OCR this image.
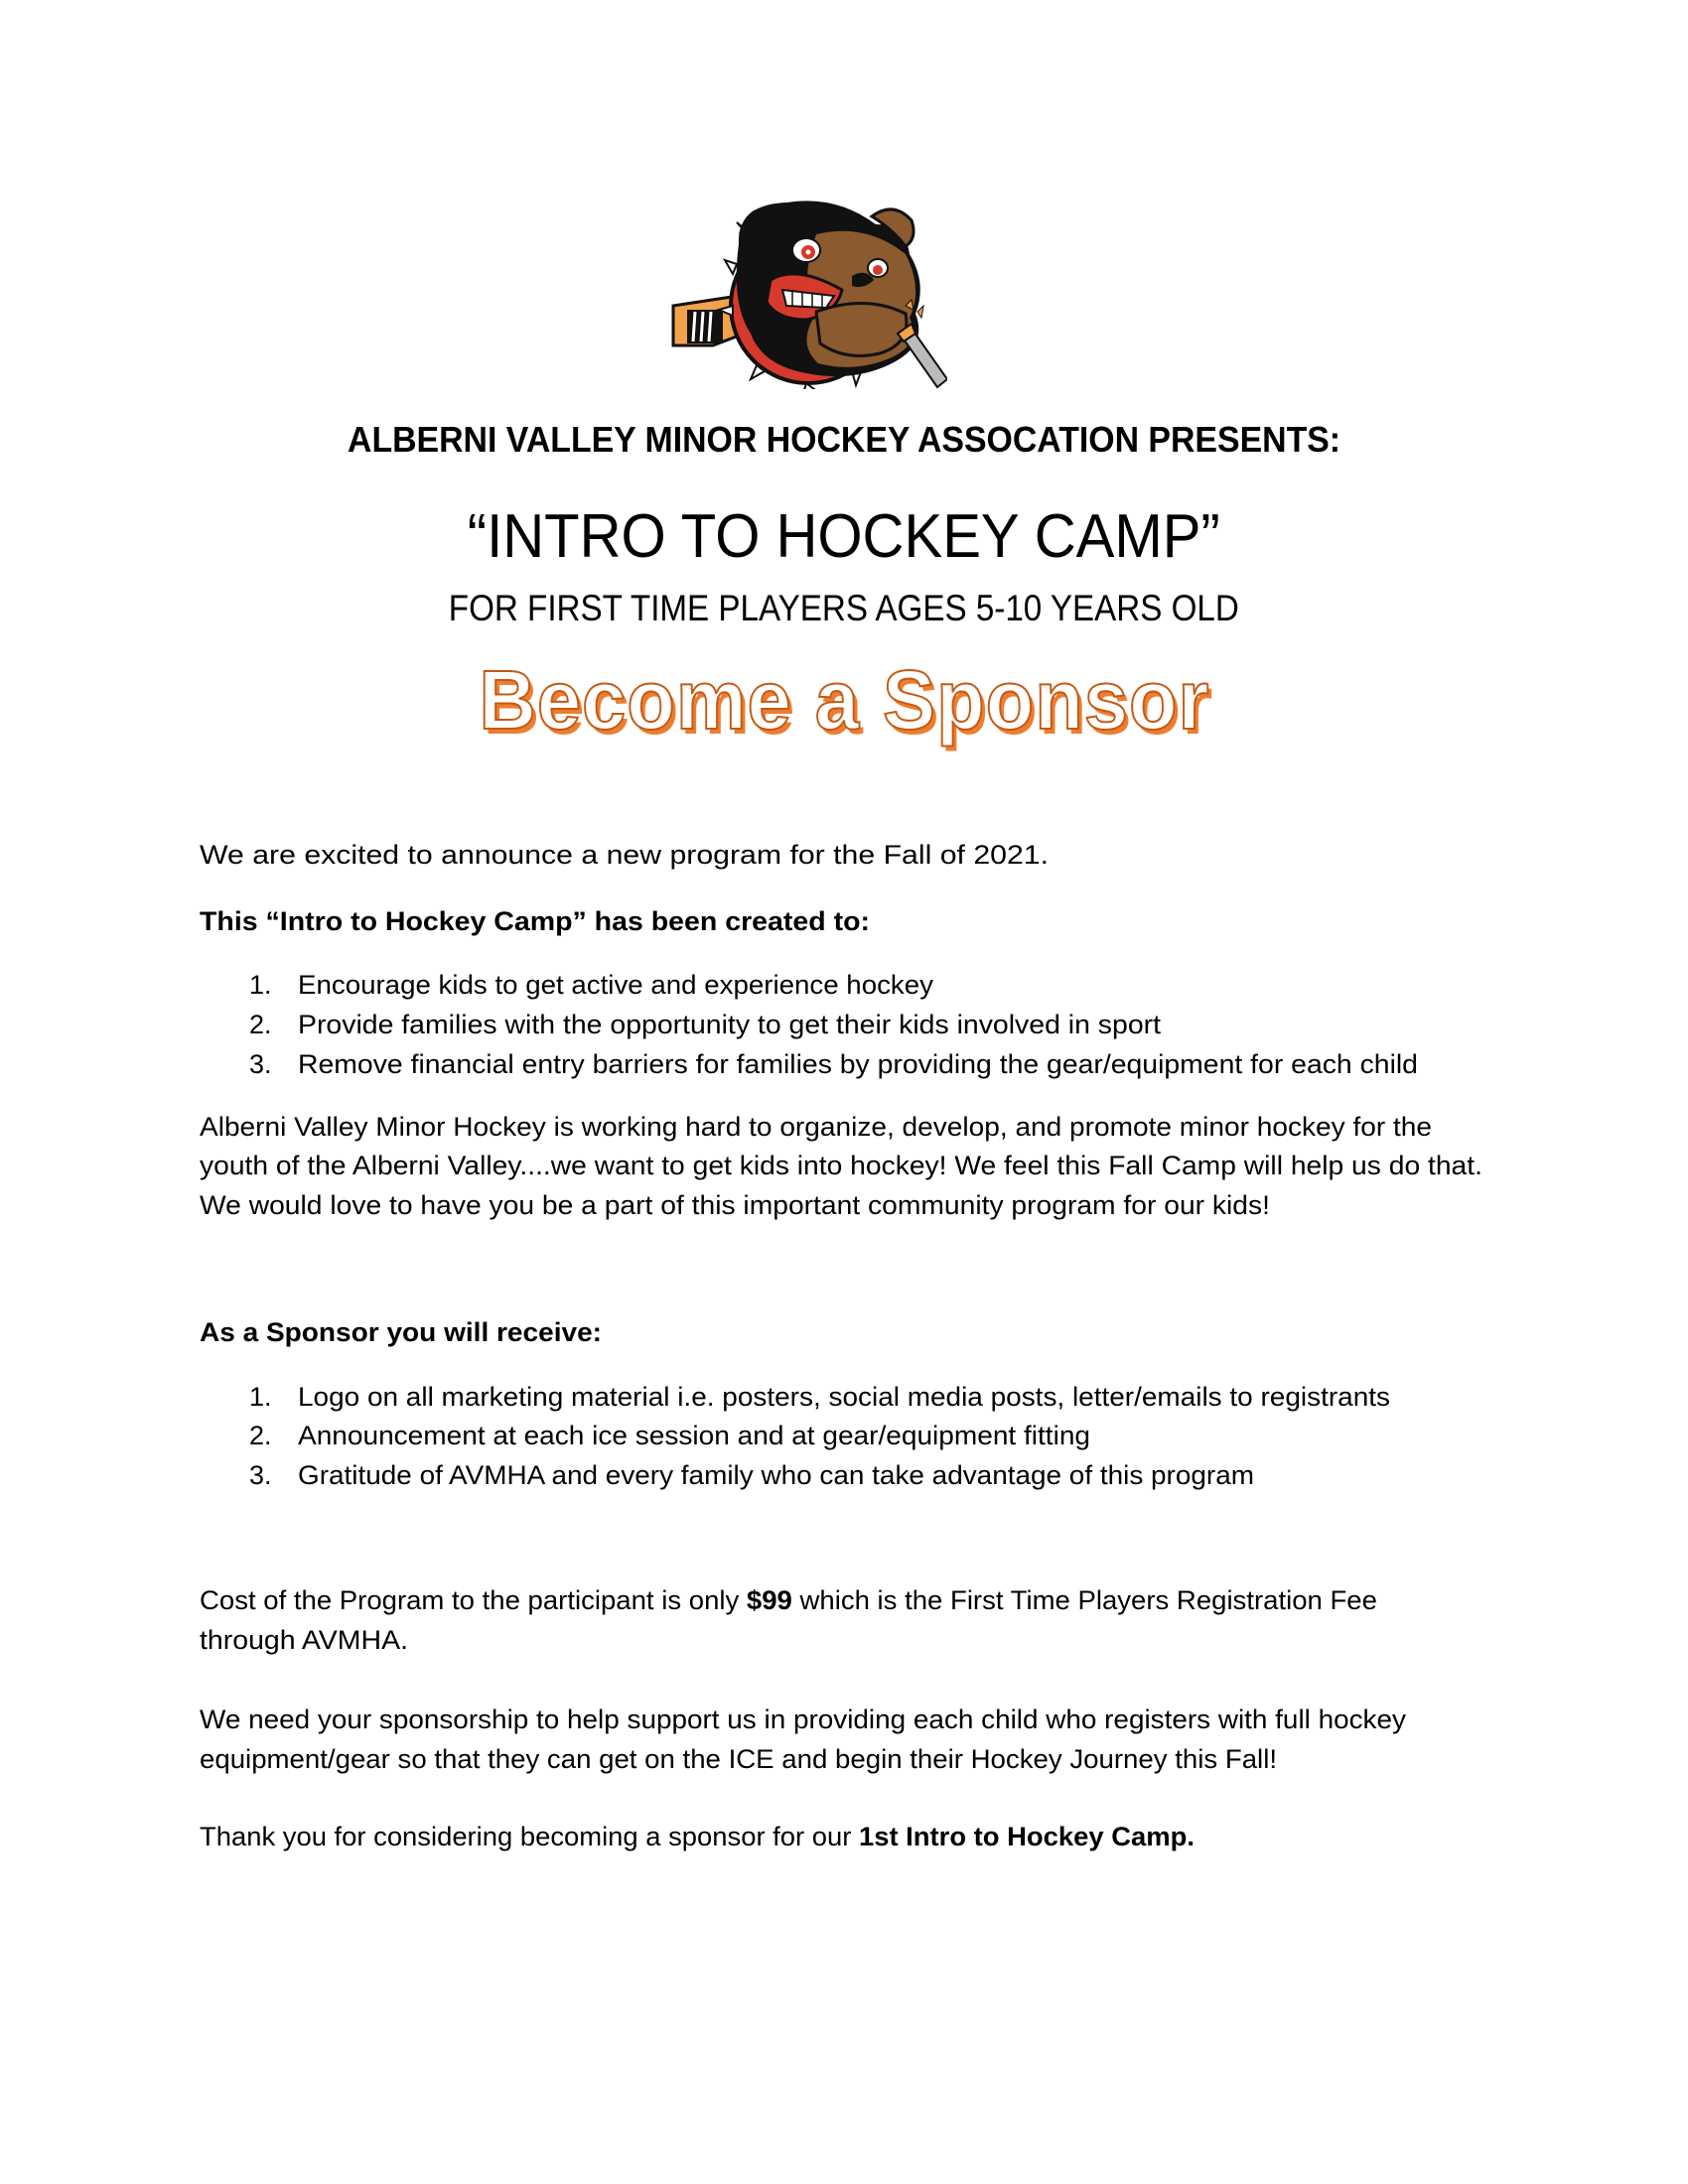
ALBERNI VALLEY MINOR HOCKEY ASSOCATION PRESENTS:
“INTRO TO HOCKEY CAMP”
FOR FIRST TIME PLAYERS AGES 5-10 YEARS OLD
Become a Sponsor
We are excited to announce a new program for the Fall of 2021.
This “Intro to Hockey Camp” has been created to:
1. Encourage kids to get active and experience hockey
2. Provide families with the opportunity to get their kids involved in sport
3. Remove financial entry barriers for families by providing the gear/equipment for each child
Alberni Valley Minor Hockey is working hard to organize, develop, and promote minor hockey for the
youth of the Alberni Valley....we want to get kids into hockey! We feel this Fall Camp will help us do that.
We would love to have you be a part of this important community program for our kids!
As a Sponsor you will receive:
1. Logo on all marketing material i.e. posters, social media posts, letter/emails to registrants
2. Announcement at each ice session and at gear/equipment fitting
3. Gratitude of AVMHA and every family who can take advantage of this program
Cost of the Program to the participant is only $99 which is the First Time Players Registration Fee
through AVMHA.
We need your sponsorship to help support us in providing each child who registers with full hockey
equipment/gear so that they can get on the ICE and begin their Hockey Journey this Fall!
Thank you for considering becoming a sponsor for our 1st Intro to Hockey Camp.
